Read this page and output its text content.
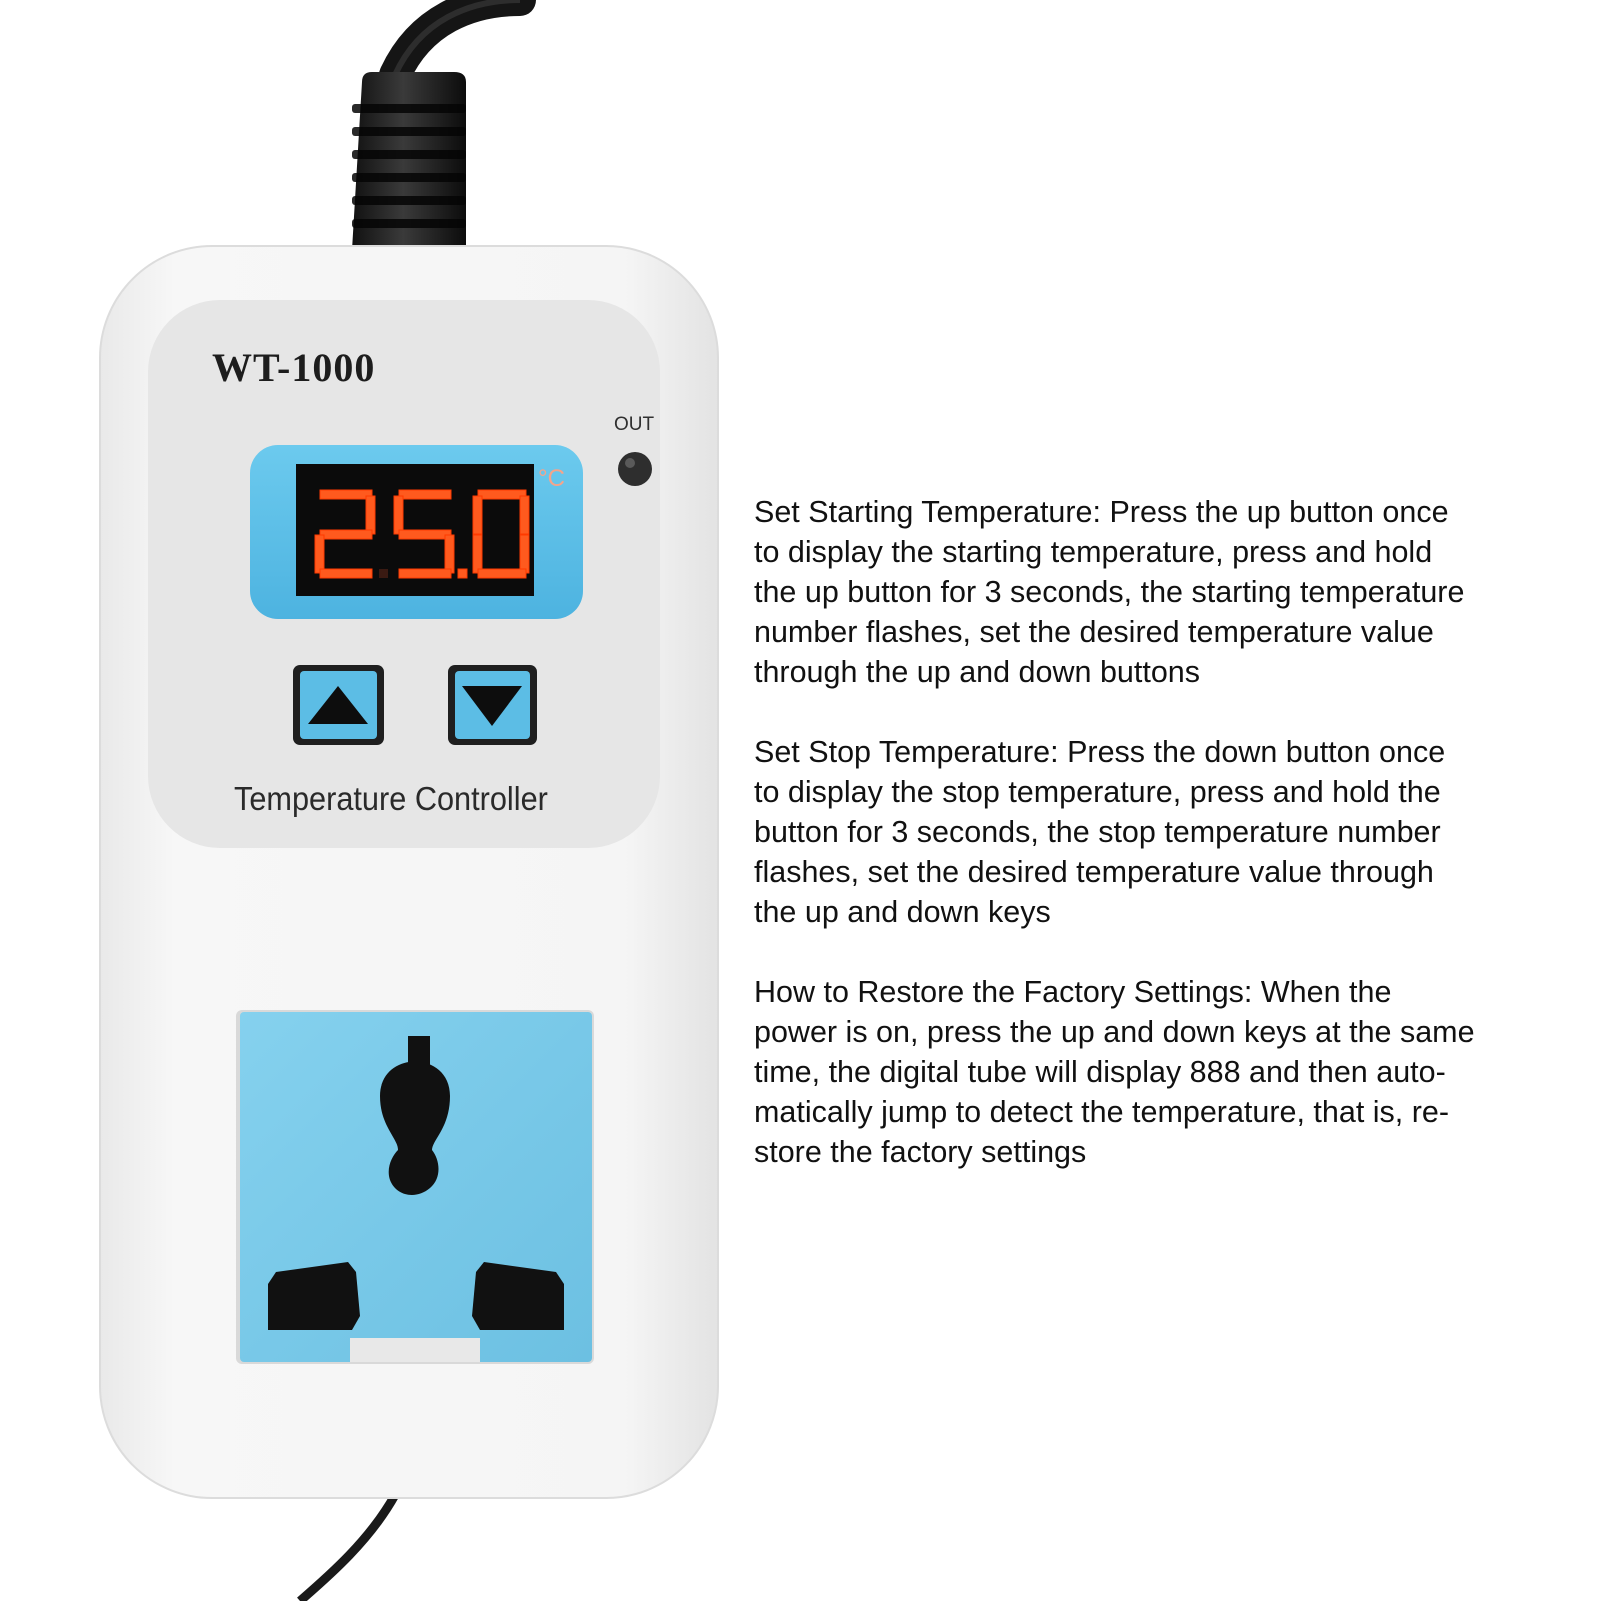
WT-1000
OUT
°C
Temperature Controller
Set Starting Temperature: Press the up button once
to display the starting temperature, press and hold
the up button for 3 seconds, the starting temperature
number flashes, set the desired temperature value
through the up and down buttons
Set Stop Temperature: Press the down button once
to display the stop temperature, press and hold the
button for 3 seconds, the stop temperature number
flashes, set the desired temperature value through
the up and down keys
How to Restore the Factory Settings: When the
power is on, press the up and down keys at the same
time, the digital tube will display 888 and then auto-
matically jump to detect the temperature, that is, re-
store the factory settings
